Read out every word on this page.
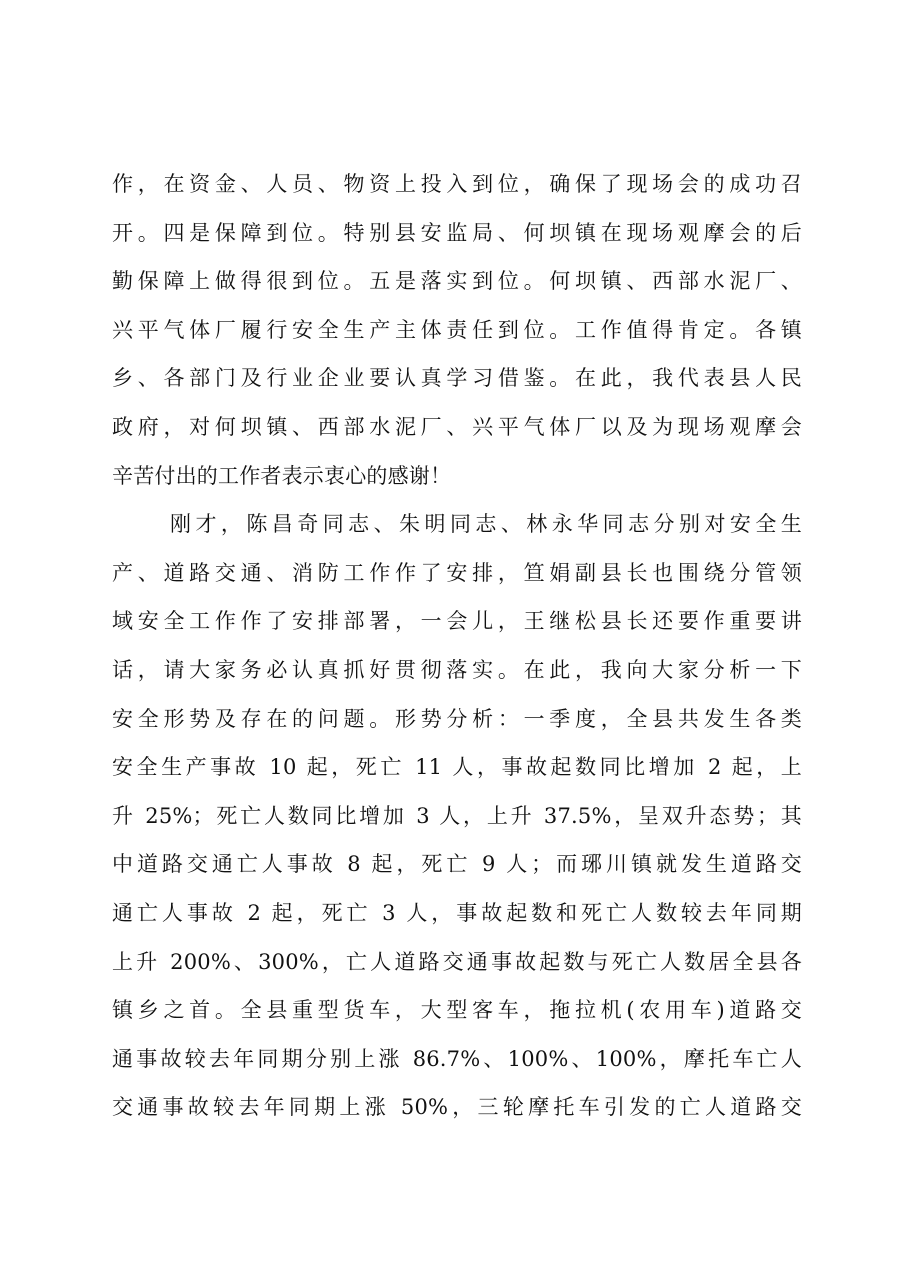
作，在资金、人员、物资上投入到位，确保了现场会的成功召
开。四是保障到位。特别县安监局、何坝镇在现场观摩会的后
勤保障上做得很到位。五是落实到位。何坝镇、西部水泥厂、
兴平气体厂履行安全生产主体责任到位。工作值得肯定。各镇
乡、各部门及行业企业要认真学习借鉴。在此，我代表县人民
政府，对何坝镇、西部水泥厂、兴平气体厂以及为现场观摩会
辛苦付出的工作者表示衷心的感谢！
刚才，陈昌奇同志、朱明同志、林永华同志分别对安全生
产、道路交通、消防工作作了安排，笪娟副县长也围绕分管领
域安全工作作了安排部署，一会儿，王继松县长还要作重要讲
话，请大家务必认真抓好贯彻落实。在此，我向大家分析一下
安全形势及存在的问题。形势分析：一季度，全县共发生各类
安全生产事故 10 起，死亡 11 人，事故起数同比增加 2 起，上
升 25%；死亡人数同比增加 3 人，上升 37.5%，呈双升态势；其
中道路交通亡人事故 8 起，死亡 9 人；而琊川镇就发生道路交
通亡人事故 2 起，死亡 3 人，事故起数和死亡人数较去年同期
上升 200%、300%，亡人道路交通事故起数与死亡人数居全县各
镇乡之首。全县重型货车，大型客车，拖拉机(农用车)道路交
通事故较去年同期分别上涨 86.7%、100%、100%，摩托车亡人
交通事故较去年同期上涨 50%，三轮摩托车引发的亡人道路交
